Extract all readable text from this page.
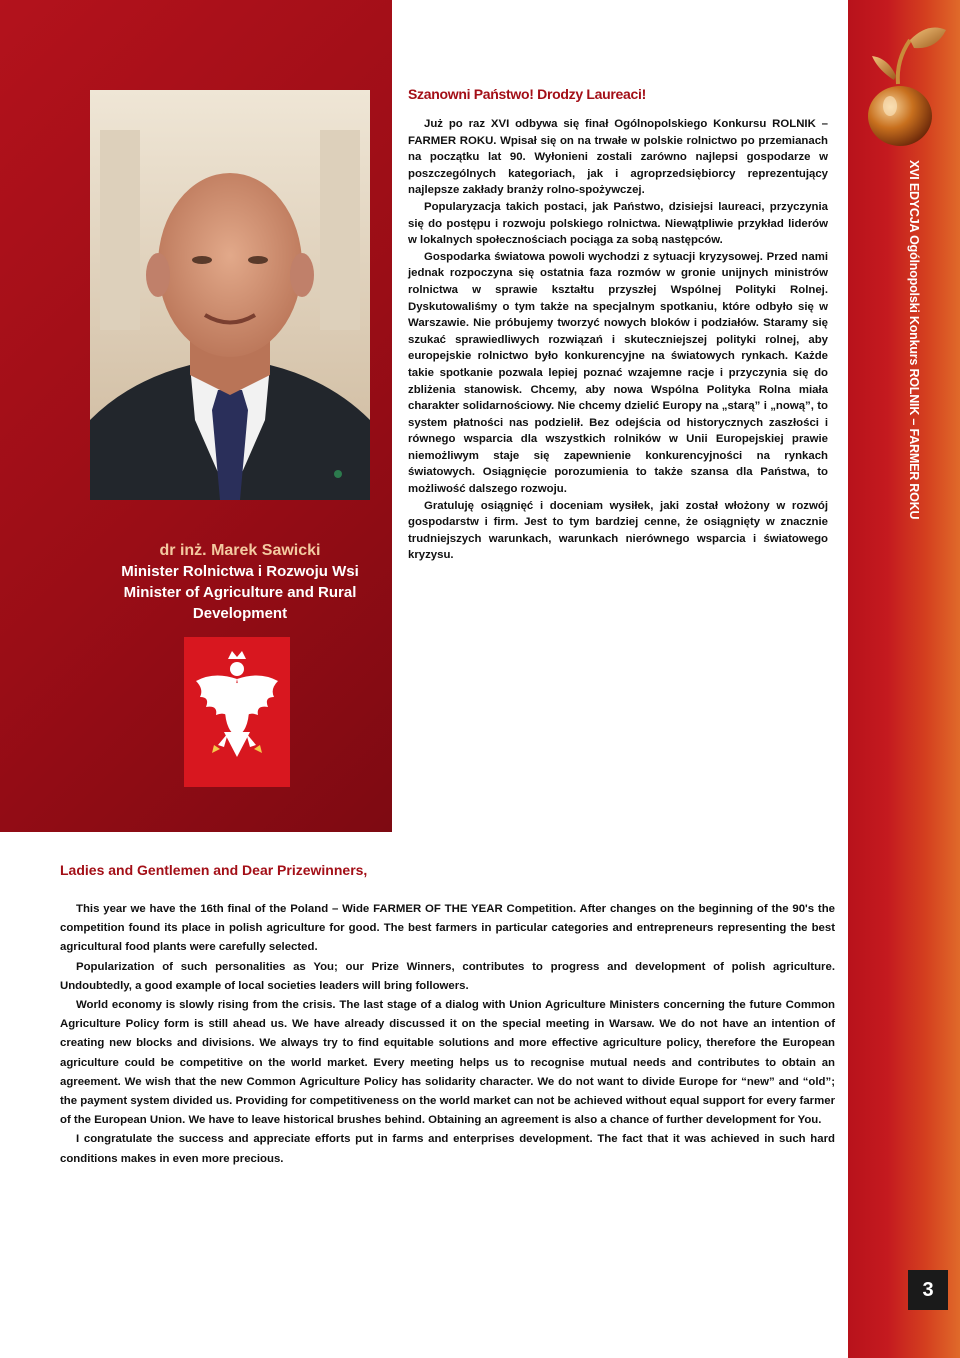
dr inż. Marek Sawicki
Minister Rolnictwa i Rozwoju Wsi
Minister of Agriculture and Rural
Development
Szanowni Państwo! Drodzy Laureaci!

Już po raz XVI odbywa się finał Ogólnopolskiego Konkursu ROLNIK – FARMER ROKU. Wpisał się on na trwałe w polskie rolnictwo po przemianach na początku lat 90. Wyłonieni zostali zarówno najlepsi gospodarze w poszczególnych kategoriach, jak i agroprzedsiębiorcy reprezentujący najlepsze zakłady branży rolno-spożywczej.

Popularyzacja takich postaci, jak Państwo, dzisiejsi laureaci, przyczynia się do postępu i rozwoju polskiego rolnictwa. Niewątpliwie przykład liderów w lokalnych społecznościach pociąga za sobą następców.

Gospodarka światowa powoli wychodzi z sytuacji kryzysowej. Przed nami jednak rozpoczyna się ostatnia faza rozmów w gronie unijnych ministrów rolnictwa w sprawie kształtu przyszłej Wspólnej Polityki Rolnej. Dyskutowaliśmy o tym także na specjalnym spotkaniu, które odbyło się w Warszawie. Nie próbujemy tworzyć nowych bloków i podziałów. Staramy się szukać sprawiedliwych rozwiązań i skuteczniejszej polityki rolnej, aby europejskie rolnictwo było konkurencyjne na światowych rynkach. Każde takie spotkanie pozwala lepiej poznać wzajemne racje i przyczynia się do zbliżenia stanowisk. Chcemy, aby nowa Wspólna Polityka Rolna miała charakter solidarnościowy. Nie chcemy dzielić Europy na „starą” i „nową”, to system płatności nas podzielił. Bez odejścia od historycznych zaszłości i równego wsparcia dla wszystkich rolników w Unii Europejskiej prawie niemożliwym staje się zapewnienie konkurencyjności na rynkach światowych. Osiągnięcie porozumienia to także szansa dla Państwa, to możliwość dalszego rozwoju.

Gratuluję osiągnięć i doceniam wysiłek, jaki został włożony w rozwój gospodarstw i firm. Jest to tym bardziej cenne, że osiągnięty w znacznie trudniejszych warunkach, warunkach nierównego wsparcia i światowego kryzysu.

Ladies and Gentlemen and Dear Prizewinners,

This year we have the 16th final of the Poland – Wide FARMER OF THE YEAR Competition. After changes on the beginning of the 90's the competition found its place in polish agriculture for good. The best farmers in particular categories and entrepreneurs representing the best agricultural food plants were carefully selected.

Popularization of such personalities as You; our Prize Winners, contributes to progress and development of polish agriculture. Undoubtedly, a good example of local societies leaders will bring followers.

World economy is slowly rising from the crisis. The last stage of a dialog with Union Agriculture Ministers concerning the future Common Agriculture Policy form is still ahead us. We have already discussed it on the special meeting in Warsaw. We do not have an intention of creating new blocks and divisions. We always try to find equitable solutions and more effective agriculture policy, therefore the European agriculture could be competitive on the world market. Every meeting helps us to recognise mutual needs and contributes to obtain an agreement. We wish that the new Common Agriculture Policy has solidarity character. We do not want to divide Europe for “new” and “old”; the payment system divided us. Providing for competitiveness on the world market can not be achieved without equal support for every farmer of the European Union. We have to leave historical brushes behind. Obtaining an agreement is also a chance of further development for You.

I congratulate the success and appreciate efforts put in farms and enterprises development. The fact that it was achieved in such hard conditions makes in even more precious.

XVI EDYCJA Ogólnopolski Konkurs ROLNIK – FARMER ROKU
3
